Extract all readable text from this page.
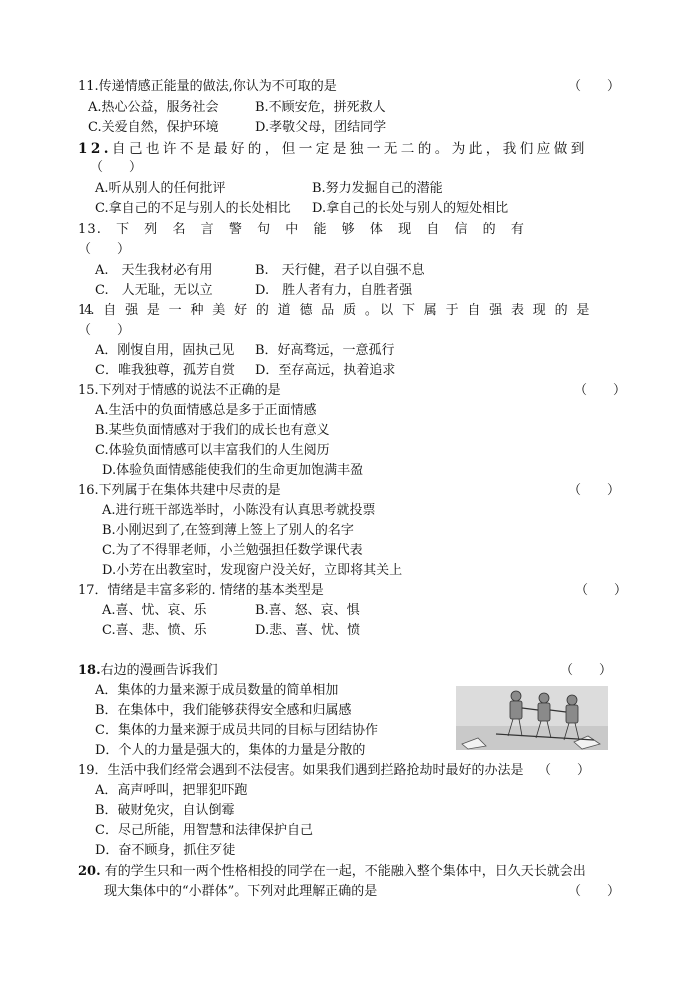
11.传递情感正能量的做法,你认为不可取的是	（　　）
A.热心公益，服务社会	B.不顾安危，拼死救人
C.关爱自然，保护环境	D.孝敬父母，团结同学
12.自己也许不是最好的，但一定是独一无二的。为此，我们应做到
（　　）
A.听从别人的任何批评	B.努力发掘自己的潜能
C.拿自己的不足与别人的长处相比 D.拿自己的长处与别人的短处相比
13.　下　列　名　言　警　句　中　能　够　体　现　自　信　的　有
（　　）
A.　天生我材必有用	B.　天行健，君子以自强不息
C.　人无耻，无以立	D.　胜人者有力，自胜者强
14.　自　强　是　一　种　美　好　的　道　德　品　质　。　以　下　属　于　自　强　表　现　的　是
（　　）
A．刚愎自用，固执己见 B．好高骛远，一意孤行
C．唯我独尊，孤芳自赏 D．至存高远，执着追求
15.下列对于情感的说法不正确的是	（　　）
A.生活中的负面情感总是多于正面情感
B.某些负面情感对于我们的成长也有意义
C.体验负面情感可以丰富我们的人生阅历
D.体验负面情感能使我们的生命更加饱满丰盈
16.下列属于在集体共建中尽责的是	（　　）
A.进行班干部选举时，小陈没有认真思考就投票
B.小刚迟到了,在签到薄上签上了别人的名字
C.为了不得罪老师，小兰勉强担任数学课代表
D.小芳在出教室时，发现窗户没关好，立即将其关上
17．情绪是丰富多彩的. 情绪的基本类型是	（　　）
A.喜、忧、哀、乐	B.喜、怒、哀、惧
C.喜、悲、愤、乐	D.悲、喜、忧、愤
18.右边的漫画告诉我们	（　　）
A．集体的力量来源于成员数量的简单相加
B．在集体中，我们能够获得安全感和归属感
C．集体的力量来源于成员共同的目标与团结协作
D．个人的力量是强大的，集体的力量是分散的
19．生活中我们经常会遇到不法侵害。如果我们遇到拦路抢劫时最好的办法是 （　　）
A．高声呼叫，把罪犯吓跑
B．破财免灾，自认倒霉
C．尽己所能，用智慧和法律保护自己
D．奋不顾身，抓住歹徒
20. 有的学生只和一两个性格相投的同学在一起，不能融入整个集体中，日久天长就会出
现大集体中的“小群体”。下列对此理解正确的是	（　　）
